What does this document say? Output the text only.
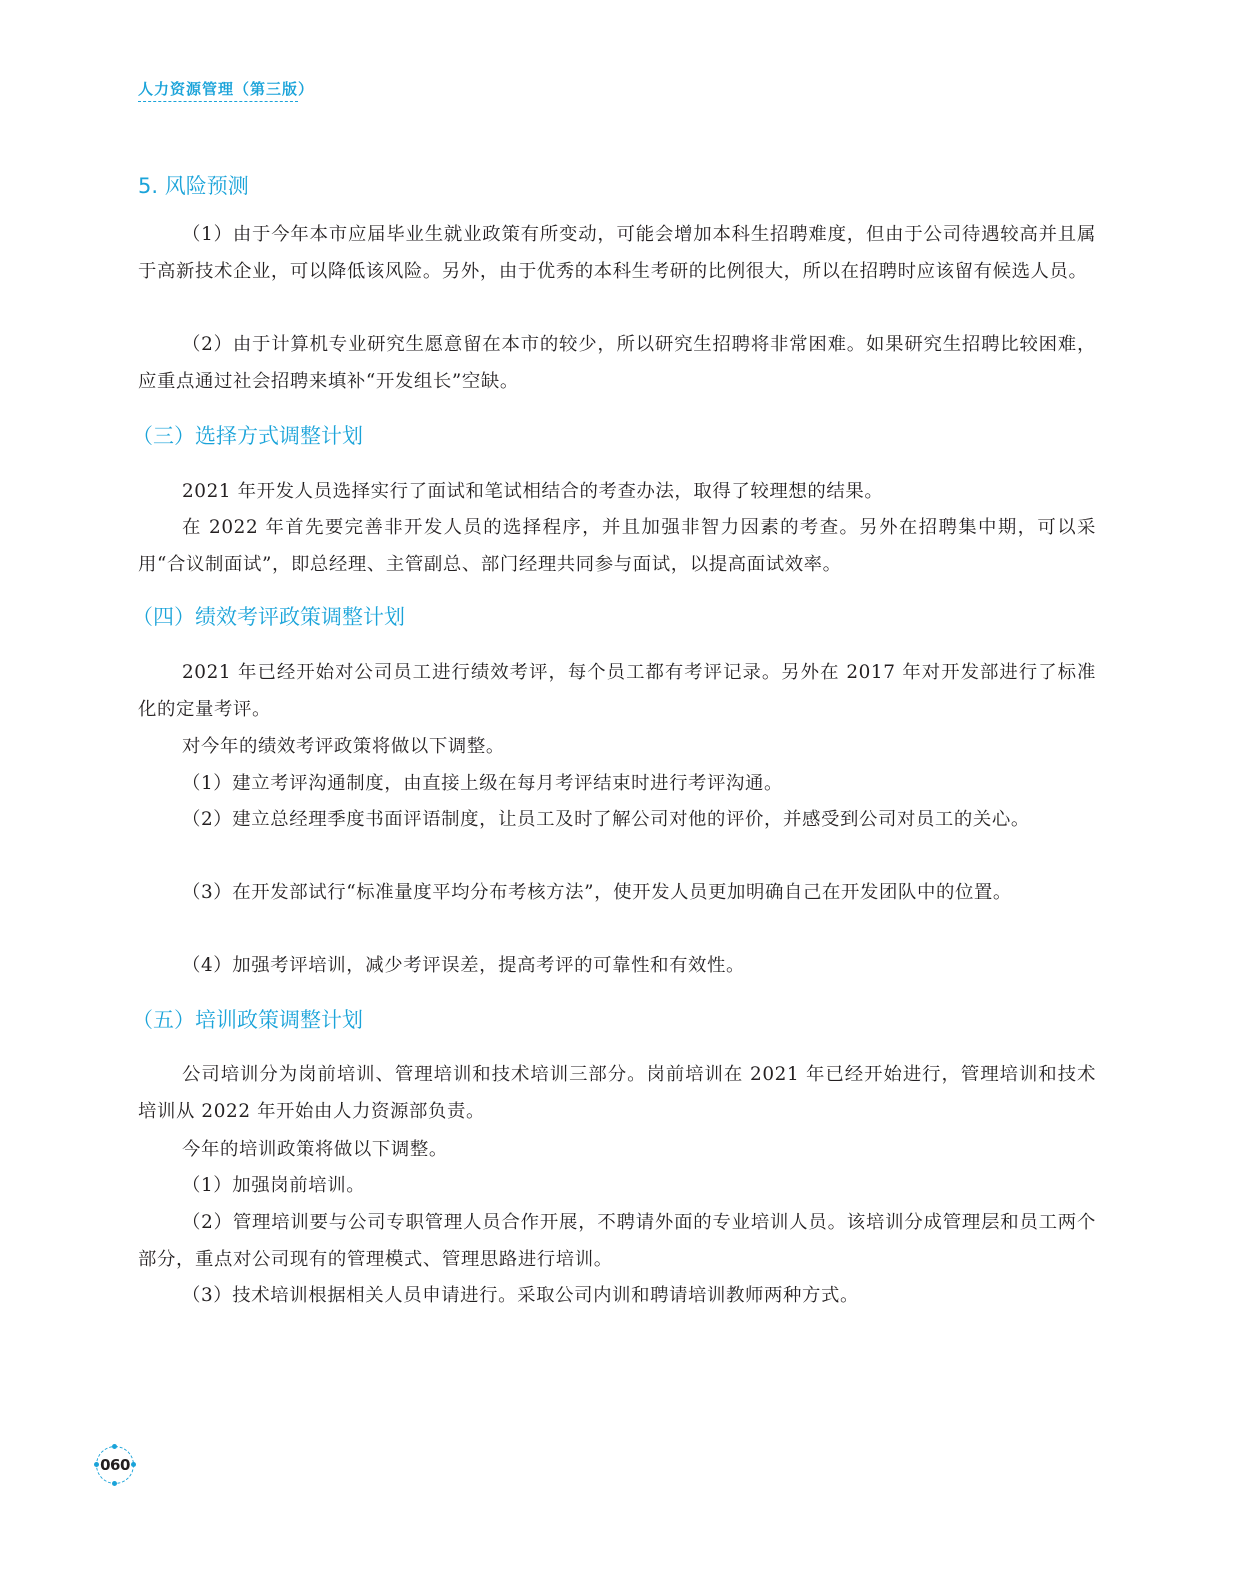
人力资源管理（第三版）
5. 风险预测
（1）由于今年本市应届毕业生就业政策有所变动，可能会增加本科生招聘难度，但由于公司待遇较高并且属于高新技术企业，可以降低该风险。另外，由于优秀的本科生考研的比例很大，所以在招聘时应该留有候选人员。
（2）由于计算机专业研究生愿意留在本市的较少，所以研究生招聘将非常困难。如果研究生招聘比较困难，应重点通过社会招聘来填补“开发组长”空缺。
（三）选择方式调整计划
2021 年开发人员选择实行了面试和笔试相结合的考查办法，取得了较理想的结果。
在 2022 年首先要完善非开发人员的选择程序，并且加强非智力因素的考查。另外在招聘集中期，可以采用“合议制面试”，即总经理、主管副总、部门经理共同参与面试，以提高面试效率。
（四）绩效考评政策调整计划
2021 年已经开始对公司员工进行绩效考评，每个员工都有考评记录。另外在 2017 年对开发部进行了标准化的定量考评。
对今年的绩效考评政策将做以下调整。
（1）建立考评沟通制度，由直接上级在每月考评结束时进行考评沟通。
（2）建立总经理季度书面评语制度，让员工及时了解公司对他的评价，并感受到公司对员工的关心。
（3）在开发部试行“标准量度平均分布考核方法”，使开发人员更加明确自己在开发团队中的位置。
（4）加强考评培训，减少考评误差，提高考评的可靠性和有效性。
（五）培训政策调整计划
公司培训分为岗前培训、管理培训和技术培训三部分。岗前培训在 2021 年已经开始进行，管理培训和技术培训从 2022 年开始由人力资源部负责。
今年的培训政策将做以下调整。
（1）加强岗前培训。
（2）管理培训要与公司专职管理人员合作开展，不聘请外面的专业培训人员。该培训分成管理层和员工两个部分，重点对公司现有的管理模式、管理思路进行培训。
（3）技术培训根据相关人员申请进行。采取公司内训和聘请培训教师两种方式。
060
